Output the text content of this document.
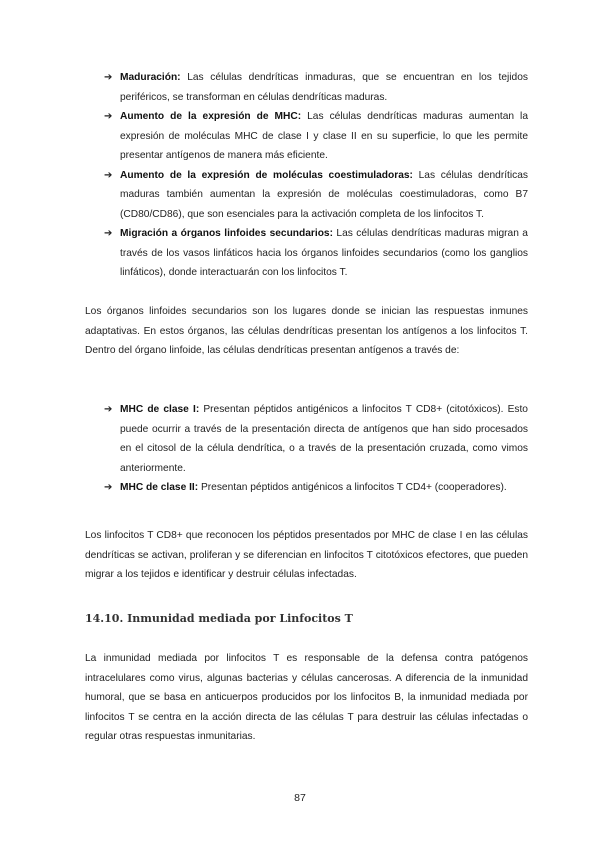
➔ Maduración: Las células dendríticas inmaduras, que se encuentran en los tejidos periféricos, se transforman en células dendríticas maduras.
➔ Aumento de la expresión de MHC: Las células dendríticas maduras aumentan la expresión de moléculas MHC de clase I y clase II en su superficie, lo que les permite presentar antígenos de manera más eficiente.
➔ Aumento de la expresión de moléculas coestimuladoras: Las células dendríticas maduras también aumentan la expresión de moléculas coestimuladoras, como B7 (CD80/CD86), que son esenciales para la activación completa de los linfocitos T.
➔ Migración a órganos linfoides secundarios: Las células dendríticas maduras migran a través de los vasos linfáticos hacia los órganos linfoides secundarios (como los ganglios linfáticos), donde interactuarán con los linfocitos T.

Los órganos linfoides secundarios son los lugares donde se inician las respuestas inmunes adaptativas. En estos órganos, las células dendríticas presentan los antígenos a los linfocitos T. Dentro del órgano linfoide, las células dendríticas presentan antígenos a través de:

➔ MHC de clase I: Presentan péptidos antigénicos a linfocitos T CD8+ (citotóxicos). Esto puede ocurrir a través de la presentación directa de antígenos que han sido procesados en el citosol de la célula dendrítica, o a través de la presentación cruzada, como vimos anteriormente.
➔ MHC de clase II: Presentan péptidos antigénicos a linfocitos T CD4+ (cooperadores).

Los linfocitos T CD8+ que reconocen los péptidos presentados por MHC de clase I en las células dendríticas se activan, proliferan y se diferencian en linfocitos T citotóxicos efectores, que pueden migrar a los tejidos e identificar y destruir células infectadas.

14.10. Inmunidad mediada por Linfocitos T

La inmunidad mediada por linfocitos T es responsable de la defensa contra patógenos intracelulares como virus, algunas bacterias y células cancerosas. A diferencia de la inmunidad humoral, que se basa en anticuerpos producidos por los linfocitos B, la inmunidad mediada por linfocitos T se centra en la acción directa de las células T para destruir las células infectadas o regular otras respuestas inmunitarias.

87
